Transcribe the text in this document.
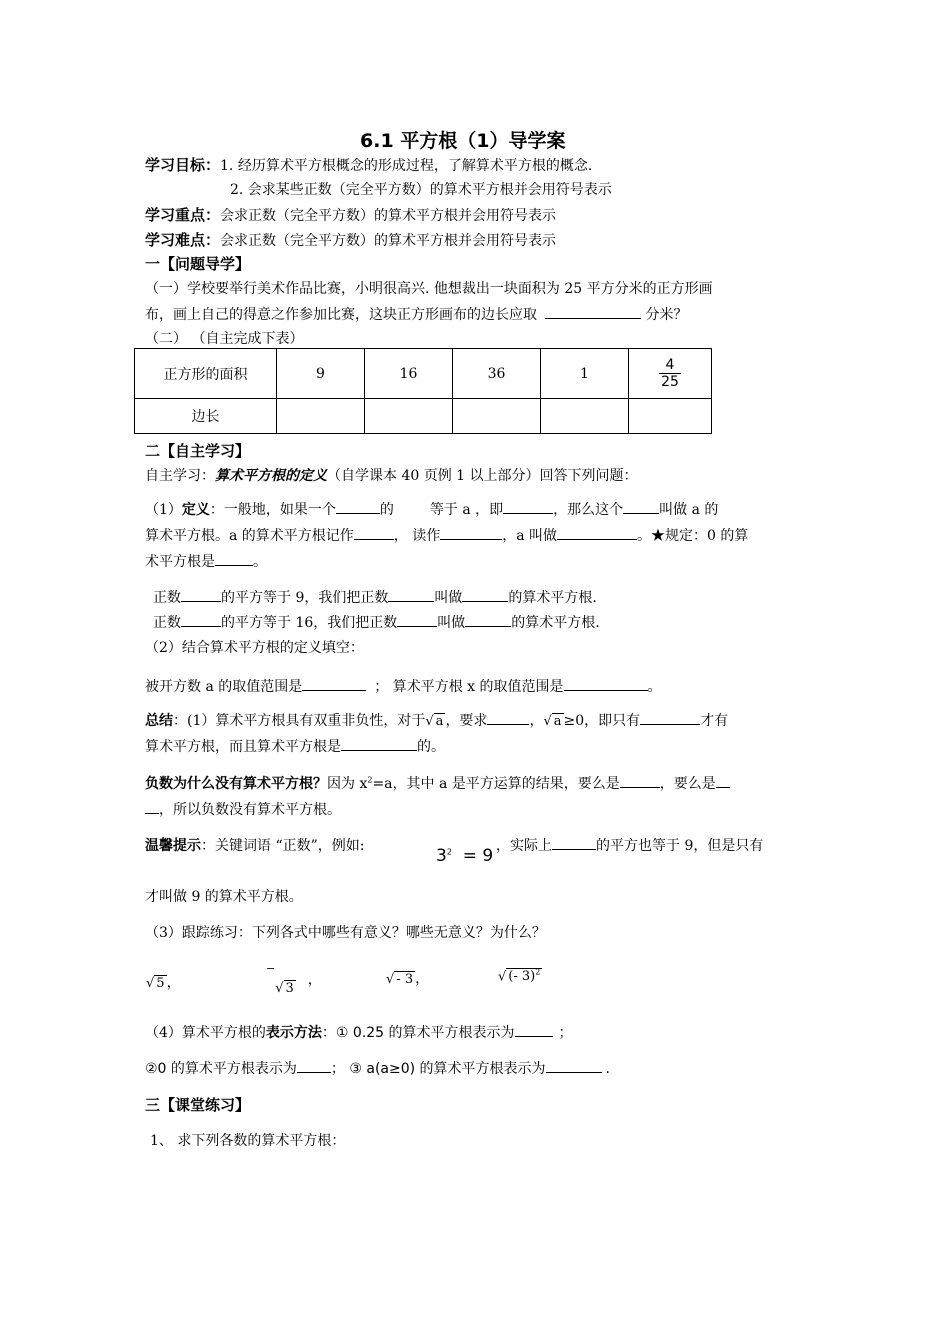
6.1 平方根（1）导学案
学习目标：1. 经历算术平方根概念的形成过程，了解算术平方根的概念.
2. 会求某些正数（完全平方数）的算术平方根并会用符号表示
学习重点：会求正数（完全平方数）的算术平方根并会用符号表示
学习难点：会求正数（完全平方数）的算术平方根并会用符号表示
一【问题导学】
（一）学校要举行美术作品比赛，小明很高兴. 他想裁出一块面积为 25 平方分米的正方形画
布，画上自己的得意之作参加比赛，这块正方形画布的边长应取	分米？
（二） （自主完成下表）
正方形的面积	9	16	36	1	$\frac{4}{25}$

边长					
二【自主学习】
自主学习：算术平方根的定义（自学课本 40 页例 1 以上部分）回答下列问题：
（1）定义：一般地，如果一个	的	等于 a ，即	，那么这个	叫做 a 的
算术平方根。a 的算术平方根记作	， 读作	，a 叫做	。★规定：0 的算
术平方根是	。
正数	的平方等于 9，我们把正数	叫做	的算术平方根.
正数	的平方等于 16，我们把正数	叫做	的算术平方根.
（2）结合算术平方根的定义填空：
被开方数 a 的取值范围是	； 算术平方根 x 的取值范围是	。
总结：(1）算术平方根具有双重非负性，对于√ a ，要求	，√ a ≥0，即只有	才有
算术平方根，而且算术平方根是	的。
负数为什么没有算术平方根？因为 $x^2=a$，其中 a 是平方运算的结果，要么是	，要么是
，所以负数没有算术平方根。
温馨提示：关键词语 “正数”，例如:	$3^2 = 9$ ，实际上	的平方也等于 9，但是只有
才叫做 9 的算术平方根。
（3）跟踪练习：下列各式中哪些有意义？哪些无意义？为什么？
√ 5 ，
−√ 3，	√ - 3 ，	√ (- 3)$^2$
（4）算术平方根的表示方法：① 0.25 的算术平方根表示为	；
②0 的算术平方根表示为 ； ③ a(a≥0) 的算术平方根表示为	.
三【课堂练习】
1、 求下列各数的算术平方根：
